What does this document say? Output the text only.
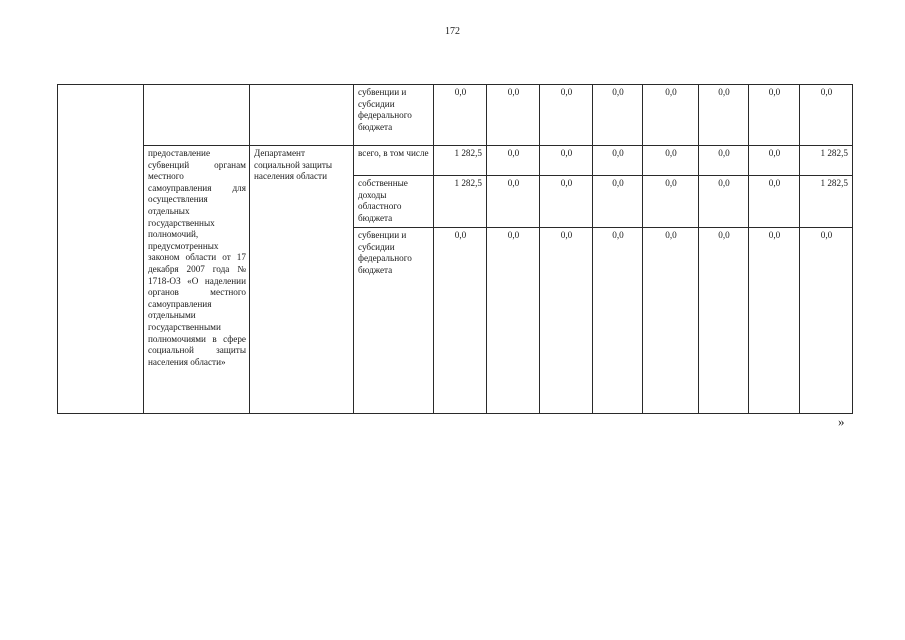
172
			субвенции и субсидии федерального бюджета	0,0	0,0	0,0	0,0	0,0	0,0	0,0	0,0
	предоставление субвенций органам местного самоуправления для осуществления отдельных государственных полномочий, предусмотренных законом области от 17 декабря 2007 года № 1718-ОЗ «О наделении органов местного самоуправления отдельными государственными полномочиями в сфере социальной защиты населения области»	Департамент социальной защиты населения области	всего, в том числе	1 282,5	0,0	0,0	0,0	0,0	0,0	0,0	1 282,5
			собственные доходы областного бюджета	1 282,5	0,0	0,0	0,0	0,0	0,0	0,0	1 282,5
			субвенции и субсидии федерального бюджета	0,0	0,0	0,0	0,0	0,0	0,0	0,0	0,0
»
